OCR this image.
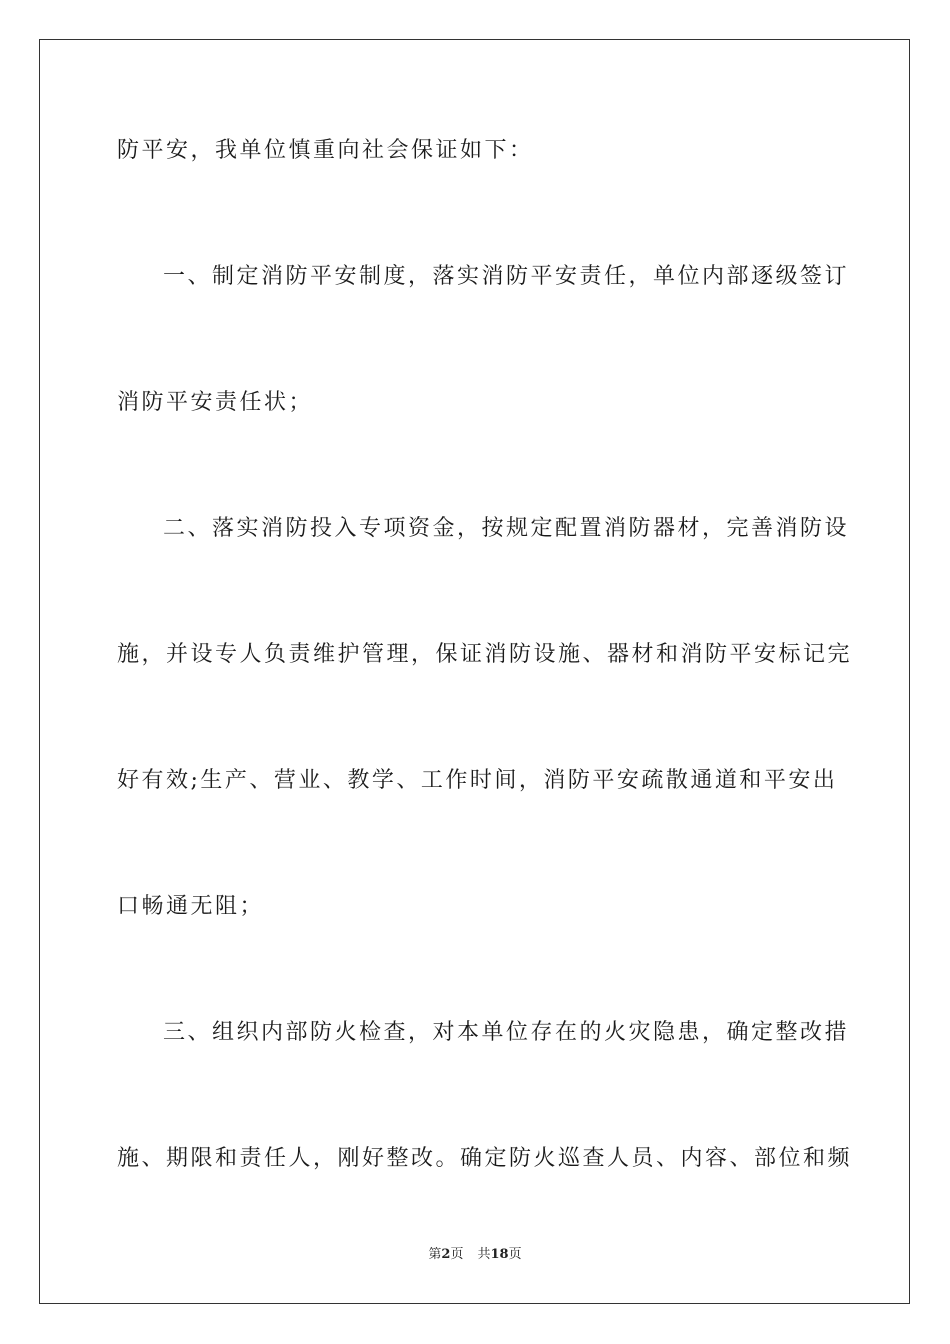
防平安，我单位慎重向社会保证如下：
一、制定消防平安制度，落实消防平安责任，单位内部逐级签订
消防平安责任状；
二、落实消防投入专项资金，按规定配置消防器材，完善消防设
施，并设专人负责维护管理，保证消防设施、器材和消防平安标记完
好有效;生产、营业、教学、工作时间，消防平安疏散通道和平安出
口畅通无阻；
三、组织内部防火检查，对本单位存在的火灾隐患，确定整改措
施、期限和责任人，刚好整改。确定防火巡查人员、内容、部位和频
第2页 共18页
